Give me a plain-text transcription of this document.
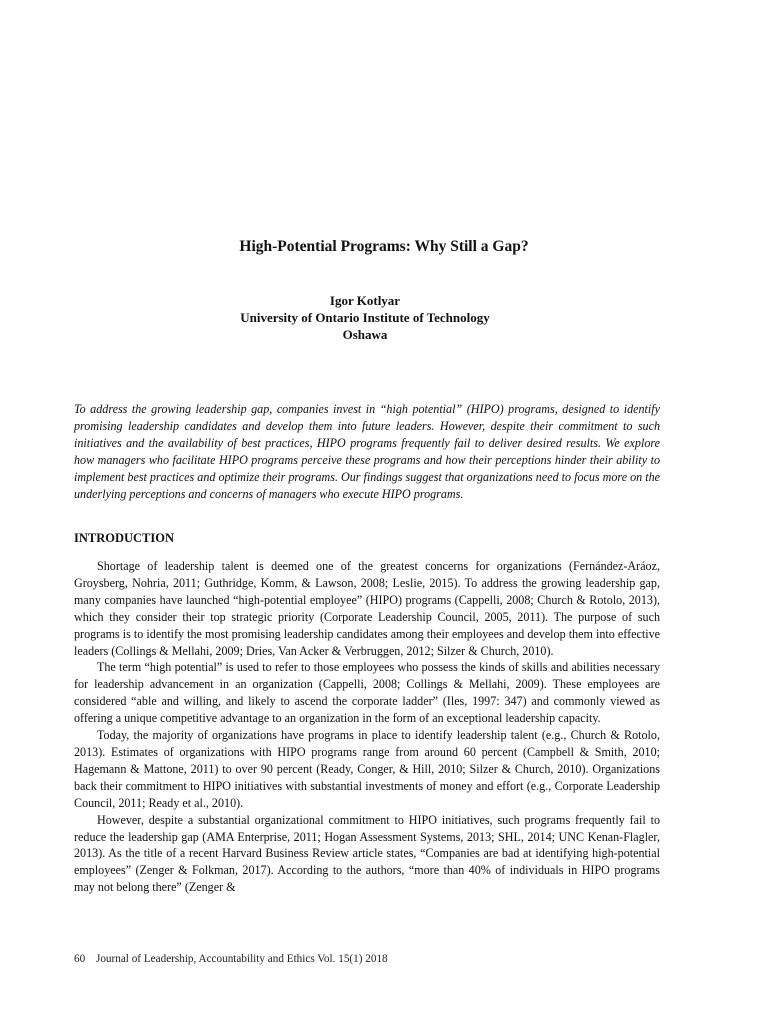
High-Potential Programs: Why Still a Gap?
Igor Kotlyar
University of Ontario Institute of Technology
Oshawa

To address the growing leadership gap, companies invest in “high potential” (HIPO) programs, designed to identify promising leadership candidates and develop them into future leaders. However, despite their commitment to such initiatives and the availability of best practices, HIPO programs frequently fail to deliver desired results. We explore how managers who facilitate HIPO programs perceive these programs and how their perceptions hinder their ability to implement best practices and optimize their programs. Our findings suggest that organizations need to focus more on the underlying perceptions and concerns of managers who execute HIPO programs.

INTRODUCTION

Shortage of leadership talent is deemed one of the greatest concerns for organizations (Fernández-Aráoz, Groysberg, Nohria, 2011; Guthridge, Komm, & Lawson, 2008; Leslie, 2015). To address the growing leadership gap, many companies have launched “high-potential employee” (HIPO) programs (Cappelli, 2008; Church & Rotolo, 2013), which they consider their top strategic priority (Corporate Leadership Council, 2005, 2011). The purpose of such programs is to identify the most promising leadership candidates among their employees and develop them into effective leaders (Collings & Mellahi, 2009; Dries, Van Acker & Verbruggen, 2012; Silzer & Church, 2010).

The term “high potential” is used to refer to those employees who possess the kinds of skills and abilities necessary for leadership advancement in an organization (Cappelli, 2008; Collings & Mellahi, 2009). These employees are considered “able and willing, and likely to ascend the corporate ladder” (Iles, 1997: 347) and commonly viewed as offering a unique competitive advantage to an organization in the form of an exceptional leadership capacity.

Today, the majority of organizations have programs in place to identify leadership talent (e.g., Church & Rotolo, 2013). Estimates of organizations with HIPO programs range from around 60 percent (Campbell & Smith, 2010; Hagemann & Mattone, 2011) to over 90 percent (Ready, Conger, & Hill, 2010; Silzer & Church, 2010). Organizations back their commitment to HIPO initiatives with substantial investments of money and effort (e.g., Corporate Leadership Council, 2011; Ready et al., 2010).

However, despite a substantial organizational commitment to HIPO initiatives, such programs frequently fail to reduce the leadership gap (AMA Enterprise, 2011; Hogan Assessment Systems, 2013; SHL, 2014; UNC Kenan-Flagler, 2013). As the title of a recent Harvard Business Review article states, “Companies are bad at identifying high-potential employees” (Zenger & Folkman, 2017). According to the authors, “more than 40% of individuals in HIPO programs may not belong there” (Zenger &

60 Journal of Leadership, Accountability and Ethics Vol. 15(1) 2018
